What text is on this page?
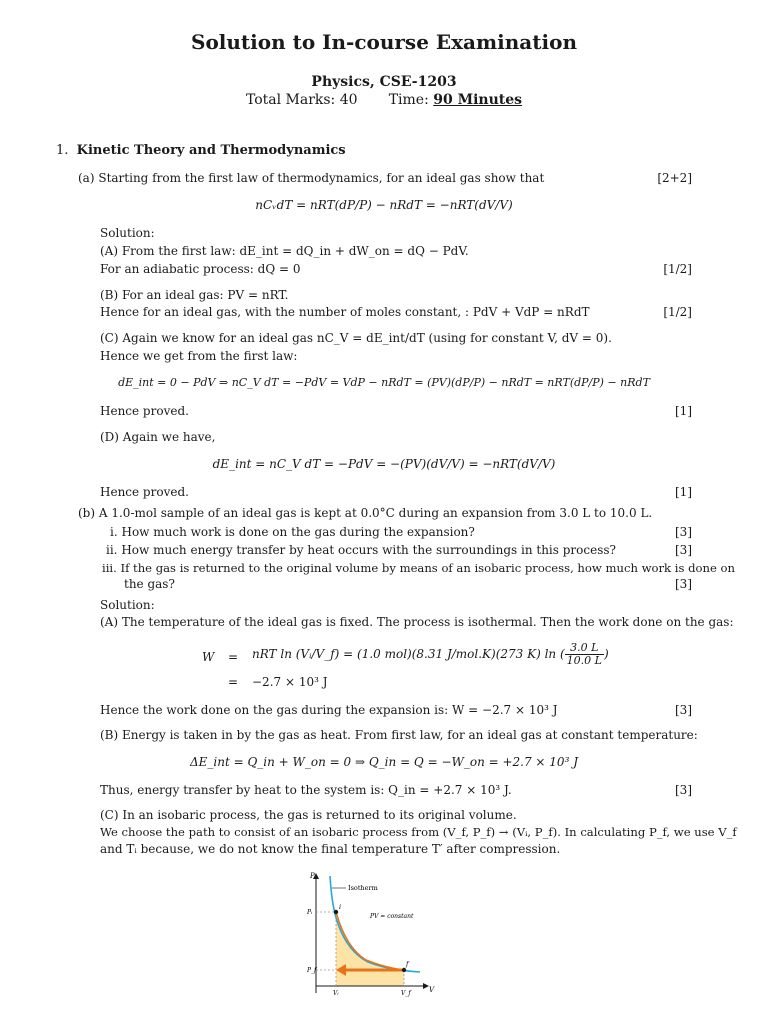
Solution to In-course Examination
Physics, CSE-1203
Total Marks: 40 Time: 90 Minutes
1. Kinetic Theory and Thermodynamics
(a) Starting from the first law of thermodynamics, for an ideal gas show that	[2+2]
nCᵥdT = nRT(dP/P) − nRdT = −nRT(dV/V)
Solution:
(A) From the first law: dE_int = dQ_in + dW_on = dQ − PdV.
For an adiabatic process: dQ = 0	[1/2]
(B) For an ideal gas: PV = nRT.
Hence for an ideal gas, with the number of moles constant, : PdV + VdP = nRdT	[1/2]
(C) Again we know for an ideal gas nC_V = dE_int/dT (using for constant V, dV = 0).
Hence we get from the first law:
dE_int = 0 − PdV ⇒ nC_V dT = −PdV = VdP − nRdT = (PV)(dP/P) − nRdT = nRT(dP/P) − nRdT
Hence proved.	[1]
(D) Again we have,
dE_int = nC_V dT = −PdV = −(PV)(dV/V) = −nRT(dV/V)
Hence proved.	[1]
(b) A 1.0-mol sample of an ideal gas is kept at 0.0°C during an expansion from 3.0 L to 10.0 L.
i. How much work is done on the gas during the expansion?	[3]
ii. How much energy transfer by heat occurs with the surroundings in this process?	[3]
iii. If the gas is returned to the original volume by means of an isobaric process, how much work is done on
the gas?	[3]
Solution:
(A) The temperature of the ideal gas is fixed. The process is isothermal. Then the work done on the gas:
W = nRT ln (Vᵢ/V_f) = (1.0 mol)(8.31 J/mol.K)(273 K) ln ( $\frac{3.0 L}{10.0 L}$ )
= −2.7 × 10³ J
Hence the work done on the gas during the expansion is: W = −2.7 × 10³ J	[3]
(B) Energy is taken in by the gas as heat. From first law, for an ideal gas at constant temperature:
ΔE_int = Q_in + W_on = 0 ⇒ Q_in = Q = −W_on = +2.7 × 10³ J
Thus, energy transfer by heat to the system is: Q_in = +2.7 × 10³ J.	[3]
(C) In an isobaric process, the gas is returned to its original volume.
We choose the path to consist of an isobaric process from (V_f, P_f) → (Vᵢ, P_f). In calculating P_f, we use V_f
and Tᵢ because, we do not know the final temperature T′ after compression.
P
V
Isotherm
PV = constant
i
f
Pᵢ
P_f
Vᵢ	V_f
